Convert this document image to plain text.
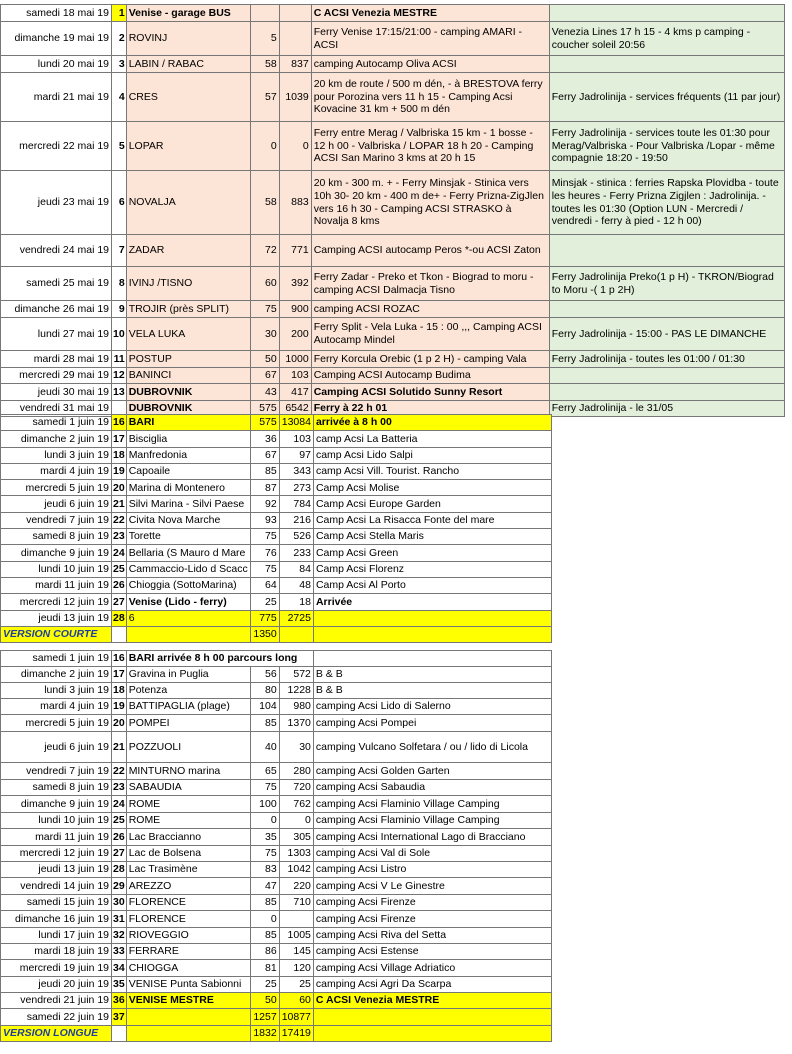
samedi 18 mai 19	1	Venise - garage BUS			C ACSI Venezia MESTRE	
dimanche 19 mai 19	2	ROVINJ	5		Ferry Venise 17:15/21:00 - camping AMARI - ACSI	Venezia Lines 17 h 15 - 4 kms p camping - coucher soleil 20:56
lundi 20 mai 19	3	LABIN / RABAC	58	837	camping Autocamp Oliva ACSI	
mardi 21 mai 19	4	CRES	57	1039	20 km de route / 500 m dén, - à BRESTOVA ferry pour Porozina vers 11 h 15 - Camping Acsi Kovacine 31 km + 500 m dén	Ferry Jadrolinija - services fréquents (11 par jour)
mercredi 22 mai 19	5	LOPAR	0	0	Ferry entre Merag / Valbriska 15 km - 1 bosse - 12 h 00 - Valbriska / LOPAR 18 h 20 - Camping ACSI San Marino 3 kms at 20 h 15	Ferry Jadrolinija - services toute les 01:30 pour Merag/Valbriska - Pour Valbriska /Lopar - même compagnie 18:20 - 19:50
jeudi 23 mai 19	6	NOVALJA	58	883	20 km - 300 m. + - Ferry Minsjak - Stinica vers 10h 30- 20 km - 400 m de+ - Ferry Prizna-ZigJlen vers 16 h 30 - Camping ACSI STRASKO à Novalja 8 kms	Minsjak - stinica : ferries Rapska Plovidba - toute les heures - Ferry Prizna Zigjlen : Jadrolinija. - toutes les 01:30 (Option LUN - Mercredi / vendredi - ferry à pied - 12 h 00)
vendredi 24 mai 19	7	ZADAR	72	771	Camping ACSI autocamp Peros *-ou ACSI Zaton	
samedi 25 mai 19	8	IVINJ /TISNO	60	392	Ferry Zadar - Preko et Tkon - Biograd to moru - camping ACSI Dalmacja Tisno	Ferry Jadrolinija Preko(1 p H) - TKRON/Biograd to Moru -( 1 p 2H)
dimanche 26 mai 19	9	TROJIR (près SPLIT)	75	900	camping ACSI ROZAC	
lundi 27 mai 19	10	VELA LUKA	30	200	Ferry Split - Vela Luka - 15 : 00 ,,, Camping ACSI Autocamp Mindel	Ferry Jadrolinija - 15:00 - PAS LE DIMANCHE
mardi 28 mai 19	11	POSTUP	50	1000	Ferry Korcula Orebic (1 p 2 H) - camping Vala	Ferry Jadrolinija - toutes les 01:00 / 01:30
mercredi 29 mai 19	12	BANINCI	67	103	Camping ACSI Autocamp Budima	
jeudi 30 mai 19	13	DUBROVNIK	43	417	Camping ACSI Solutido Sunny Resort	
vendredi 31 mai 19		DUBROVNIK	575	6542	Ferry à 22 h 01	Ferry Jadrolinija - le 31/05
samedi 1 juin 19	16	BARI	575	13084	arrivée à 8 h 00
dimanche 2 juin 19	17	Bisciglia	36	103	camp Acsi La Batteria
lundi 3 juin 19	18	Manfredonia	67	97	camp Acsi Lido Salpi
mardi 4 juin 19	19	Capoaile	85	343	camp Acsi Vill. Tourist. Rancho
mercredi 5 juin 19	20	Marina di Montenero	87	273	Camp Acsi Molise
jeudi 6 juin 19	21	Silvi Marina - Silvi Paese	92	784	Camp Acsi Europe Garden
vendredi 7 juin 19	22	Civita Nova Marche	93	216	Camp Acsi La Risacca Fonte del mare
samedi 8 juin 19	23	Torette	75	526	Camp Acsi Stella Maris
dimanche 9 juin 19	24	Bellaria (S Mauro d Mare	76	233	Camp Acsi Green
lundi 10 juin 19	25	Cammaccio-Lido d Scacc	75	84	Camp Acsi Florenz
mardi 11 juin 19	26	Chioggia (SottoMarina)	64	48	Camp Acsi Al Porto
mercredi 12 juin 19	27	Venise (Lido - ferry)	25	18	Arrivée
jeudi 13 juin 19	28	6	775	2725	
VERSION COURTE			1350		
samedi 1 juin 19	16	BARI arrivée 8 h 00 parcours long			
dimanche 2 juin 19	17	Gravina in Puglia	56	572	B & B
lundi 3 juin 19	18	Potenza	80	1228	B & B
mardi 4 juin 19	19	BATTIPAGLIA (plage)	104	980	camping Acsi Lido di Salerno
mercredi 5 juin 19	20	POMPEI	85	1370	camping Acsi Pompei
jeudi 6 juin 19	21	POZZUOLI	40	30	camping Vulcano Solfetara / ou / lido di Licola
vendredi 7 juin 19	22	MINTURNO marina	65	280	camping Acsi Golden Garten
samedi 8 juin 19	23	SABAUDIA	75	720	camping Acsi Sabaudia
dimanche 9 juin 19	24	ROME	100	762	camping Acsi Flaminio Village Camping
lundi 10 juin 19	25	ROME	0	0	camping Acsi Flaminio Village Camping
mardi 11 juin 19	26	Lac Braccianno	35	305	camping Acsi International Lago di Bracciano
mercredi 12 juin 19	27	Lac de Bolsena	75	1303	camping Acsi Val di Sole
jeudi 13 juin 19	28	Lac Trasimène	83	1042	camping Acsi Listro
vendredi 14 juin 19	29	AREZZO	47	220	camping Acsi V Le Ginestre
samedi 15 juin 19	30	FLORENCE	85	710	camping Acsi Firenze
dimanche 16 juin 19	31	FLORENCE	0		camping Acsi Firenze
lundi 17 juin 19	32	RIOVEGGIO	85	1005	camping Acsi Riva del Setta
mardi 18 juin 19	33	FERRARE	86	145	camping Acsi Estense
mercredi 19 juin 19	34	CHIOGGA	81	120	camping Acsi Village Adriatico
jeudi 20 juin 19	35	VENISE Punta Sabionni	25	25	camping Acsi Agri Da Scarpa
vendredi 21 juin 19	36	VENISE MESTRE	50	60	C ACSI Venezia MESTRE
samedi 22 juin 19	37		1257	10877	
VERSION LONGUE			1832	17419	
